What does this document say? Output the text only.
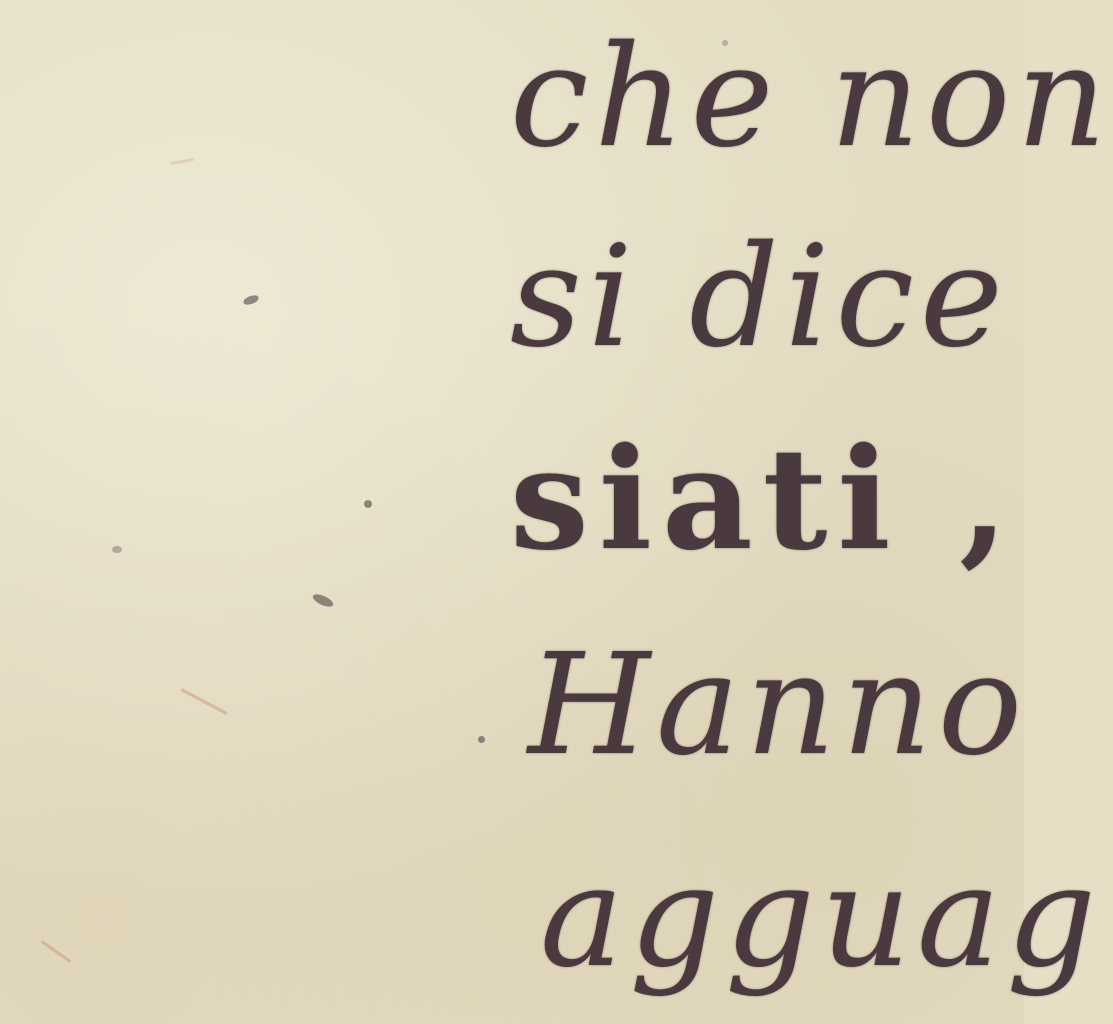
che non

si dice

siati ,

Hanno

agguag
